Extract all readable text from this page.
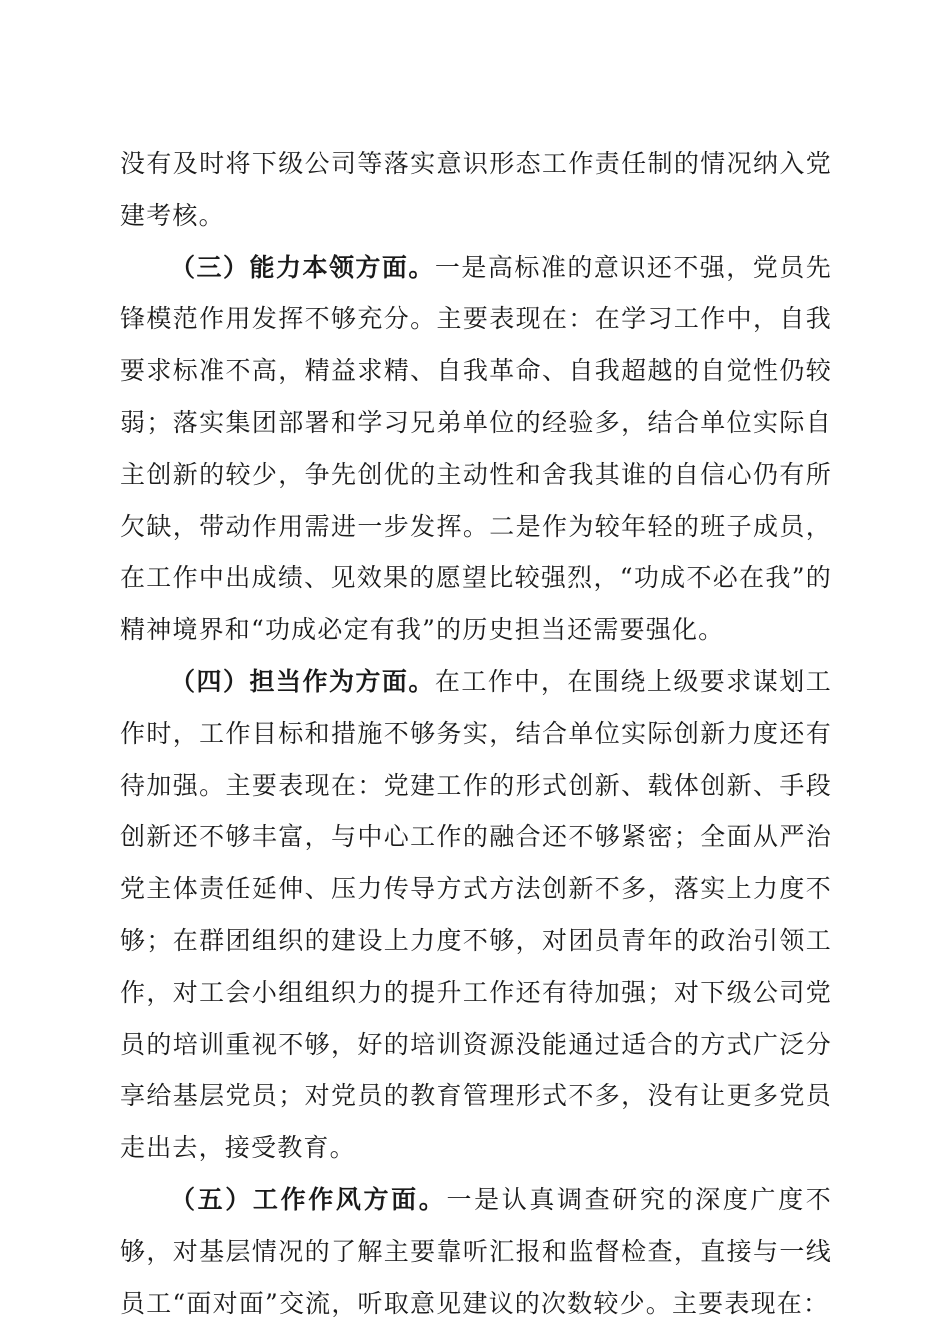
没有及时将下级公司等落实意识形态工作责任制的情况纳入党建考核。

（三）能力本领方面。一是高标准的意识还不强，党员先锋模范作用发挥不够充分。主要表现在：在学习工作中，自我要求标准不高，精益求精、自我革命、自我超越的自觉性仍较弱；落实集团部署和学习兄弟单位的经验多，结合单位实际自主创新的较少，争先创优的主动性和舍我其谁的自信心仍有所欠缺，带动作用需进一步发挥。二是作为较年轻的班子成员，在工作中出成绩、见效果的愿望比较强烈，“功成不必在我”的精神境界和“功成必定有我”的历史担当还需要强化。

（四）担当作为方面。在工作中，在围绕上级要求谋划工作时，工作目标和措施不够务实，结合单位实际创新力度还有待加强。主要表现在：党建工作的形式创新、载体创新、手段创新还不够丰富，与中心工作的融合还不够紧密；全面从严治党主体责任延伸、压力传导方式方法创新不多，落实上力度不够；在群团组织的建设上力度不够，对团员青年的政治引领工作，对工会小组组织力的提升工作还有待加强；对下级公司党员的培训重视不够，好的培训资源没能通过适合的方式广泛分享给基层党员；对党员的教育管理形式不多，没有让更多党员走出去，接受教育。

（五）工作作风方面。一是认真调查研究的深度广度不够，对基层情况的了解主要靠听汇报和监督检查，直接与一线员工“面对面”交流，听取意见建议的次数较少。主要表现在：
